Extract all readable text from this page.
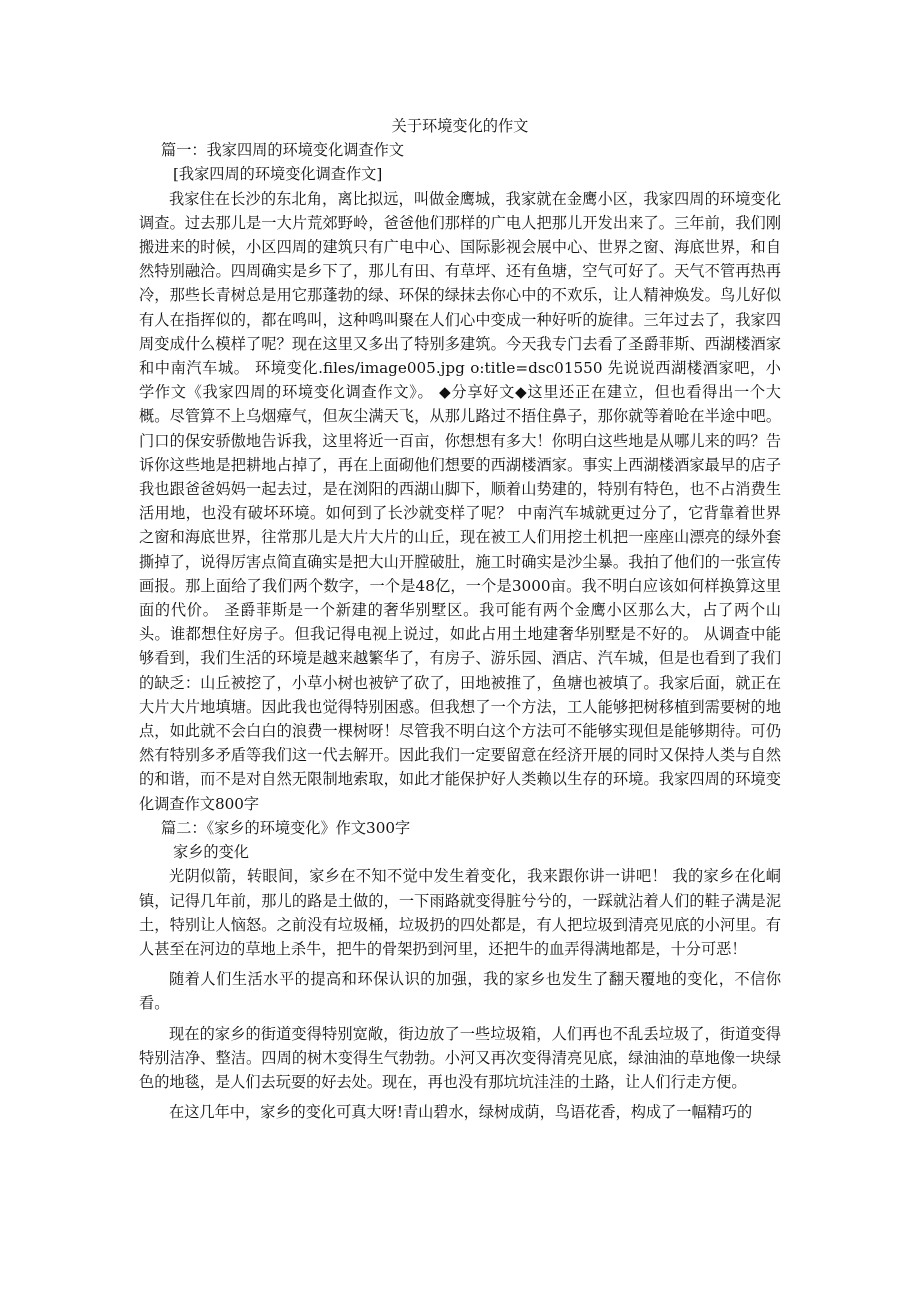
关于环境变化的作文

篇一：我家四周的环境变化调查作文

[我家四周的环境变化调查作文]

我家住在长沙的东北角，离比拟远，叫做金鹰城，我家就在金鹰小区，我家四周的环境变化调查。过去那儿是一大片荒郊野岭，爸爸他们那样的广电人把那儿开发出来了。三年前，我们刚搬进来的时候，小区四周的建筑只有广电中心、国际影视会展中心、世界之窗、海底世界，和自然特别融洽。四周确实是乡下了，那儿有田、有草坪、还有鱼塘，空气可好了。天气不管再热再冷，那些长青树总是用它那蓬勃的绿、环保的绿抹去你心中的不欢乐，让人精神焕发。鸟儿好似有人在指挥似的，都在鸣叫，这种鸣叫聚在人们心中变成一种好听的旋律。三年过去了，我家四周变成什么模样了呢？现在这里又多出了特别多建筑。今天我专门去看了圣爵菲斯、西湖楼酒家和中南汽车城。 环境变化.files/image005.jpg o:title=dsc01550 先说说西湖楼酒家吧，小学作文《我家四周的环境变化调查作文》。 ◆分享好文◆这里还正在建立，但也看得出一个大概。尽管算不上乌烟瘴气，但灰尘满天飞，从那儿路过不捂住鼻子，那你就等着呛在半途中吧。门口的保安骄傲地告诉我，这里将近一百亩，你想想有多大！你明白这些地是从哪儿来的吗？告诉你这些地是把耕地占掉了，再在上面砌他们想要的西湖楼酒家。事实上西湖楼酒家最早的店子我也跟爸爸妈妈一起去过，是在浏阳的西湖山脚下，顺着山势建的，特别有特色，也不占消费生活用地，也没有破坏环境。如何到了长沙就变样了呢？ 中南汽车城就更过分了，它背靠着世界之窗和海底世界，往常那儿是大片大片的山丘，现在被工人们用挖土机把一座座山漂亮的绿外套撕掉了，说得厉害点简直确实是把大山开膛破肚，施工时确实是沙尘暴。我拍了他们的一张宣传画报。那上面给了我们两个数字，一个是48亿，一个是3000亩。我不明白应该如何样换算这里面的代价。 圣爵菲斯是一个新建的奢华别墅区。我可能有两个金鹰小区那么大，占了两个山头。谁都想住好房子。但我记得电视上说过，如此占用土地建奢华别墅是不好的。 从调查中能够看到，我们生活的环境是越来越繁华了，有房子、游乐园、酒店、汽车城，但是也看到了我们的缺乏：山丘被挖了，小草小树也被铲了砍了，田地被推了，鱼塘也被填了。我家后面，就正在大片大片地填塘。因此我也觉得特别困惑。但我想了一个方法，工人能够把树移植到需要树的地点，如此就不会白白的浪费一棵树呀！尽管我不明白这个方法可不能够实现但是能够期待。可仍然有特别多矛盾等我们这一代去解开。因此我们一定要留意在经济开展的同时又保持人类与自然的和谐，而不是对自然无限制地索取，如此才能保护好人类赖以生存的环境。我家四周的环境变化调查作文800字

篇二：《家乡的环境变化》作文300字

家乡的变化

光阴似箭，转眼间，家乡在不知不觉中发生着变化，我来跟你讲一讲吧！ 我的家乡在化峒镇，记得几年前，那儿的路是土做的，一下雨路就变得脏兮兮的，一踩就沾着人们的鞋子满是泥土，特别让人恼怒。之前没有垃圾桶，垃圾扔的四处都是，有人把垃圾到清亮见底的小河里。有人甚至在河边的草地上杀牛，把牛的骨架扔到河里，还把牛的血弄得满地都是，十分可恶！

随着人们生活水平的提高和环保认识的加强，我的家乡也发生了翻天覆地的变化，不信你看。

现在的家乡的街道变得特别宽敞，街边放了一些垃圾箱，人们再也不乱丢垃圾了，街道变得特别洁净、整洁。四周的树木变得生气勃勃。小河又再次变得清亮见底，绿油油的草地像一块绿色的地毯，是人们去玩耍的好去处。现在，再也没有那坑坑洼洼的土路，让人们行走方便。

在这几年中，家乡的变化可真大呀!青山碧水，绿树成荫，鸟语花香，构成了一幅精巧的
